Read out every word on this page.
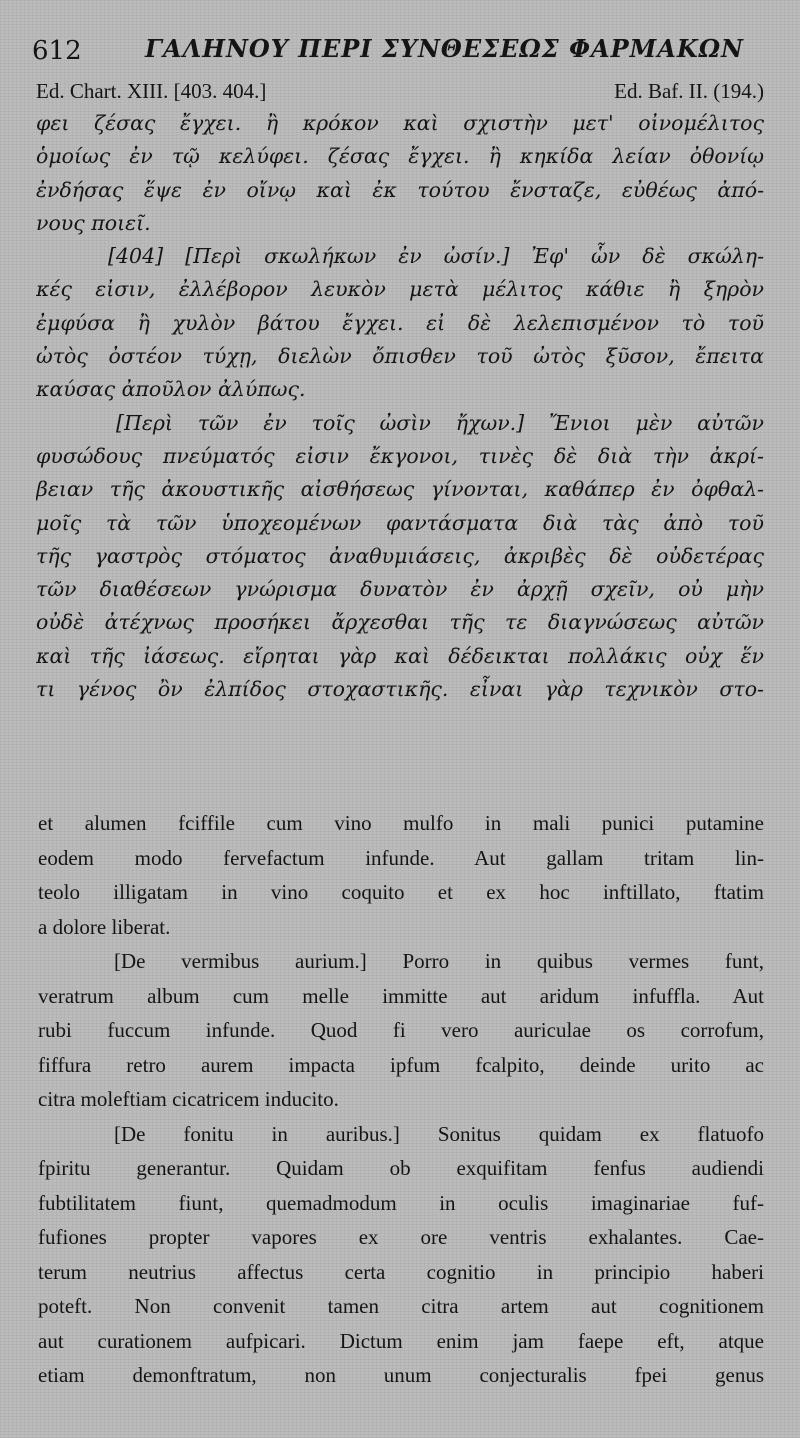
612	ΓΑΛΗΝΟΥ ΠΕΡΙ ΣΥΝΘΕΣΕΩΣ ΦΑΡΜΑΚΩΝ
Ed. Chart. XIII. [403. 404.]	Ed. Baf. II. (194.)
φει ζέσας ἔγχει. ἢ κρόκον καὶ σχιστὴν μετ' οἰνομέλιτος
ὁμοίως ἐν τῷ κελύφει. ζέσας ἔγχει. ἢ κηκίδα λείαν ὀθονίῳ
ἐνδήσας ἕψε ἐν οἴνῳ καὶ ἐκ τούτου ἔνσταζε, εὐθέως ἀπό-
νους ποιεῖ.
[404] [Περὶ σκωλήκων ἐν ὠσίν.] Ἐφ' ὧν δὲ σκώλη-
κές εἰσιν, ἐλλέβορον λευκὸν μετὰ μέλιτος κάθιε ἢ ξηρὸν
ἐμφύσα ἢ χυλὸν βάτου ἔγχει. εἰ δὲ λελεπισμένον τὸ τοῦ
ὠτὸς ὀστέον τύχῃ, διελὼν ὄπισθεν τοῦ ὠτὸς ξῦσον, ἔπειτα
καύσας ἀποῦλον ἀλύπως.
[Περὶ τῶν ἐν τοῖς ὠσὶν ἤχων.] Ἔνιοι μὲν αὐτῶν
φυσώδους πνεύματός εἰσιν ἔκγονοι, τινὲς δὲ διὰ τὴν ἀκρί-
βειαν τῆς ἀκουστικῆς αἰσθήσεως γίνονται, καθάπερ ἐν ὀφθαλ-
μοῖς τὰ τῶν ὑποχεομένων φαντάσματα διὰ τὰς ἀπὸ τοῦ
τῆς γαστρὸς στόματος ἀναθυμιάσεις, ἀκριβὲς δὲ οὐδετέρας
τῶν διαθέσεων γνώρισμα δυνατὸν ἐν ἀρχῇ σχεῖν, οὐ μὴν
οὐδὲ ἀτέχνως προσήκει ἄρχεσθαι τῆς τε διαγνώσεως αὐτῶν
καὶ τῆς ἰάσεως. εἴρηται γὰρ καὶ δέδεικται πολλάκις οὐχ ἕν
τι γένος ὂν ἐλπίδος στοχαστικῆς. εἶναι γὰρ τεχνικὸν στο-
et alumen fciffile cum vino mulfo in mali punici putamine
eodem modo fervefactum infunde. Aut gallam tritam lin-
teolo illigatam in vino coquito et ex hoc inftillato, ftatim
a dolore liberat.
[De vermibus aurium.] Porro in quibus vermes funt,
veratrum album cum melle immitte aut aridum infuffla. Aut
rubi fuccum infunde. Quod fi vero auriculae os corrofum,
fiffura retro aurem impacta ipfum fcalpito, deinde urito ac
citra moleftiam cicatricem inducito.
[De fonitu in auribus.] Sonitus quidam ex flatuofo
fpiritu generantur. Quidam ob exquifitam fenfus audiendi
fubtilitatem fiunt, quemadmodum in oculis imaginariae fuf-
fufiones propter vapores ex ore ventris exhalantes. Cae-
terum neutrius affectus certa cognitio in principio haberi
poteft. Non convenit tamen citra artem aut cognitionem
aut curationem aufpicari. Dictum enim jam faepe eft, atque
etiam demonftratum, non unum conjecturalis fpei genus
